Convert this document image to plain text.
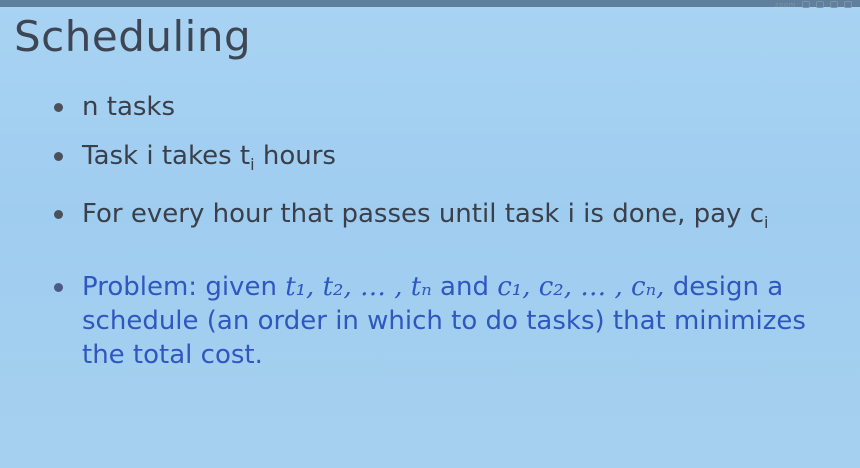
zoom
Scheduling
n tasks
Task i takes $t_i$ hours
For every hour that passes until task i is done, pay $c_i$
Problem: given t₁, t₂, … , tₙ and c₁, c₂, … , cₙ, design a schedule (an order in which to do tasks) that minimizes the total cost.
